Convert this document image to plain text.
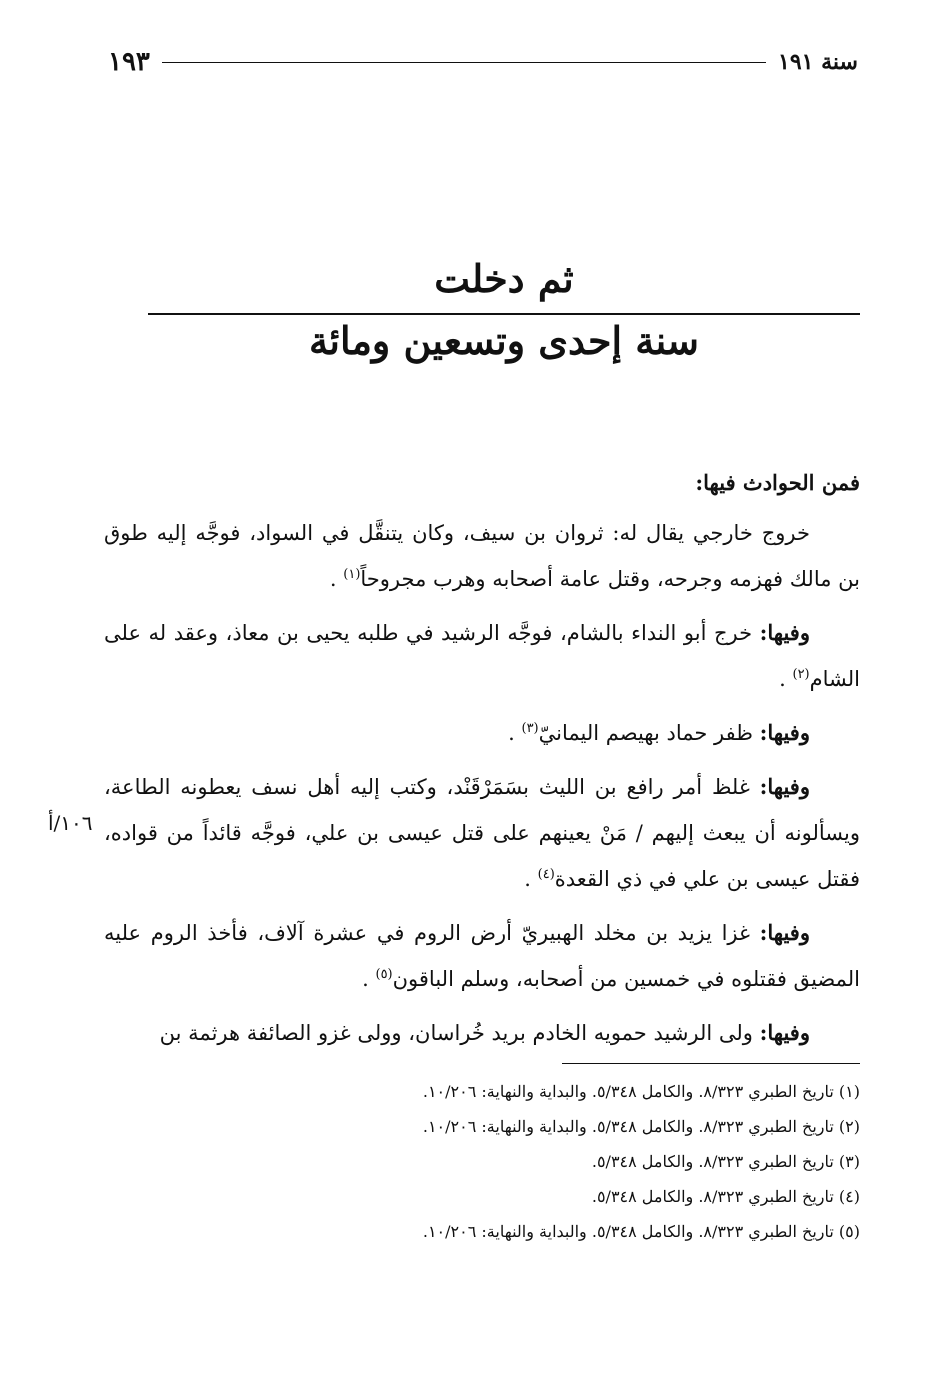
سنة ١٩١
١٩٣
ثم دخلت
سنة إحدى وتسعين ومائة
فمن الحوادث فيها:

خروج خارجي يقال له: ثروان بن سيف، وكان يتنقَّل في السواد، فوجَّه إليه طوق بن مالك فهزمه وجرحه، وقتل عامة أصحابه وهرب مجروحاً$^{(١)}$ .

وفيها: خرج أبو النداء بالشام، فوجَّه الرشيد في طلبه يحيى بن معاذ، وعقد له على الشام$^{(٢)}$ .

وفيها: ظفر حماد بهيصم اليمانيّ$^{(٣)}$ .

وفيها: غلظ أمر رافع بن الليث بسَمَرْقَنْد، وكتب إليه أهل نسف يعطونه الطاعة، ويسألونه أن يبعث إليهم / مَنْ يعينهم على قتل عيسى بن علي، فوجَّه قائداً من قواده، فقتل عيسى بن علي في ذي القعدة$^{(٤)}$ .

وفيها: غزا يزيد بن مخلد الهبيريّ أرض الروم في عشرة آلاف، فأخذ الروم عليه المضيق فقتلوه في خمسين من أصحابه، وسلم الباقون$^{(٥)}$ .

وفيها: ولى الرشيد حمويه الخادم بريد خُراسان، وولى غزو الصائفة هرثمة بن

١٠٦/أ

(١) تاريخ الطبري ٨/٣٢٣. والكامل ٥/٣٤٨. والبداية والنهاية: ١٠/٢٠٦.

(٢) تاريخ الطبري ٨/٣٢٣. والكامل ٥/٣٤٨. والبداية والنهاية: ١٠/٢٠٦.

(٣) تاريخ الطبري ٨/٣٢٣. والكامل ٥/٣٤٨.

(٤) تاريخ الطبري ٨/٣٢٣. والكامل ٥/٣٤٨.

(٥) تاريخ الطبري ٨/٣٢٣. والكامل ٥/٣٤٨. والبداية والنهاية: ١٠/٢٠٦.
